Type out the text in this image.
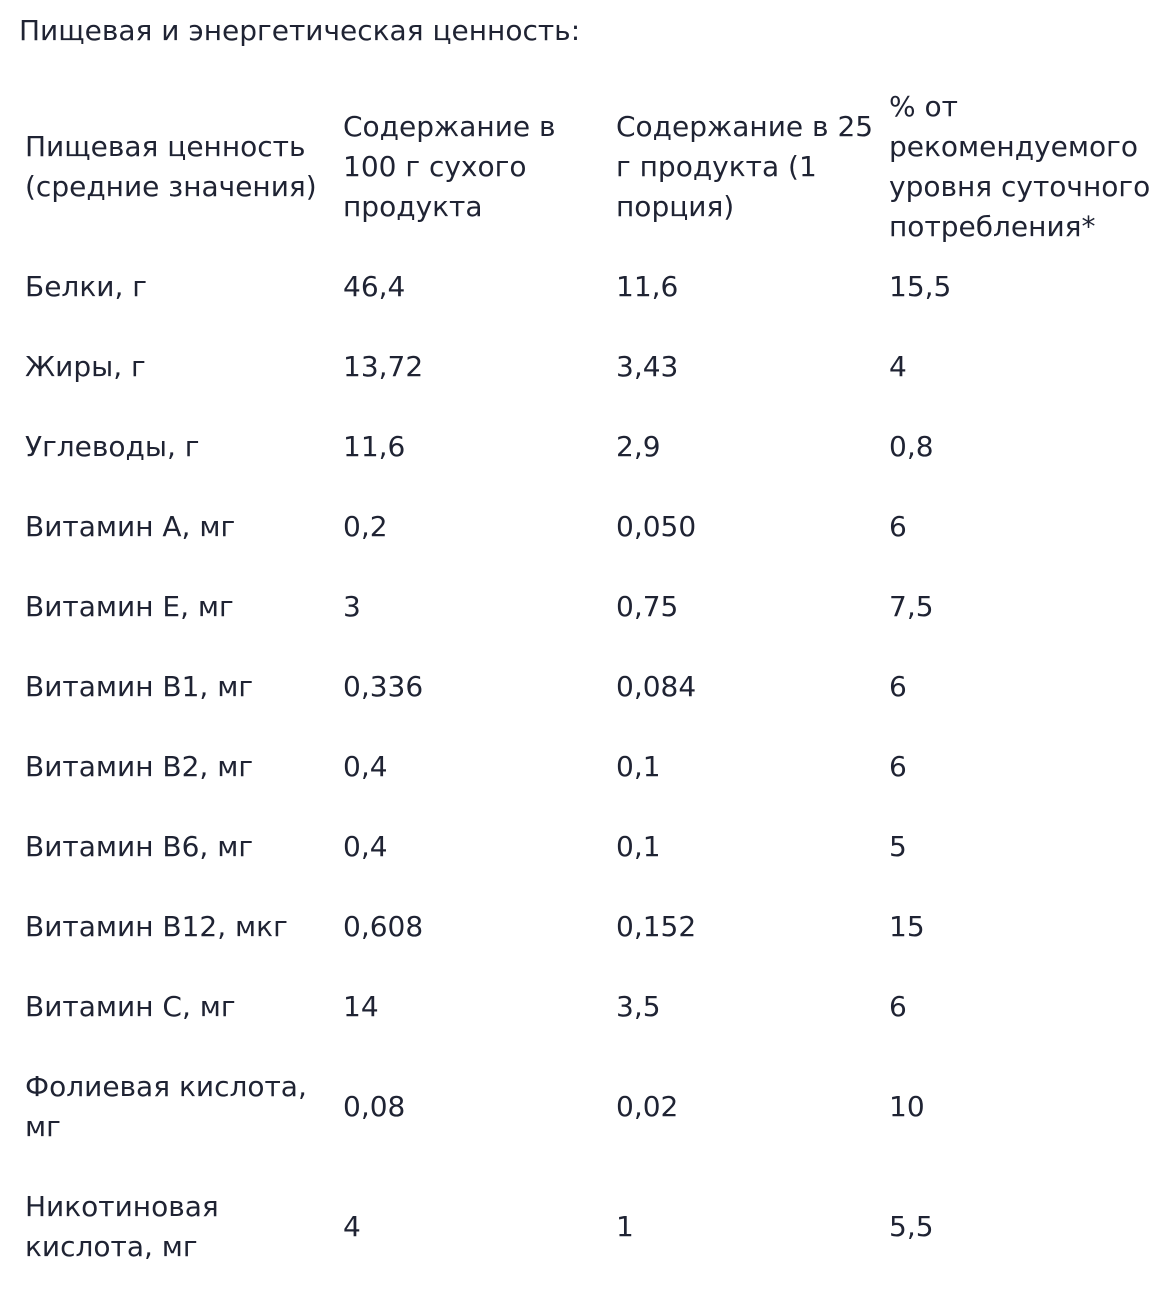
Пищевая и энергетическая ценность:
Пищевая ценность (средние значения)	Содержание в 100 г сухого продукта	Содержание в 25 г продукта (1 порция)	% от рекомендуемого уровня суточного потребления*
Белки, г	46,4	11,6	15,5
Жиры, г	13,72	3,43	4
Углеводы, г	11,6	2,9	0,8
Витамин А, мг	0,2	0,050	6
Витамин Е, мг	3	0,75	7,5
Витамин В1, мг	0,336	0,084	6
Витамин В2, мг	0,4	0,1	6
Витамин В6, мг	0,4	0,1	5
Витамин В12, мкг	0,608	0,152	15
Витамин С, мг	14	3,5	6
Фолиевая кислота, мг	0,08	0,02	10
Никотиновая кислота, мг	4	1	5,5
